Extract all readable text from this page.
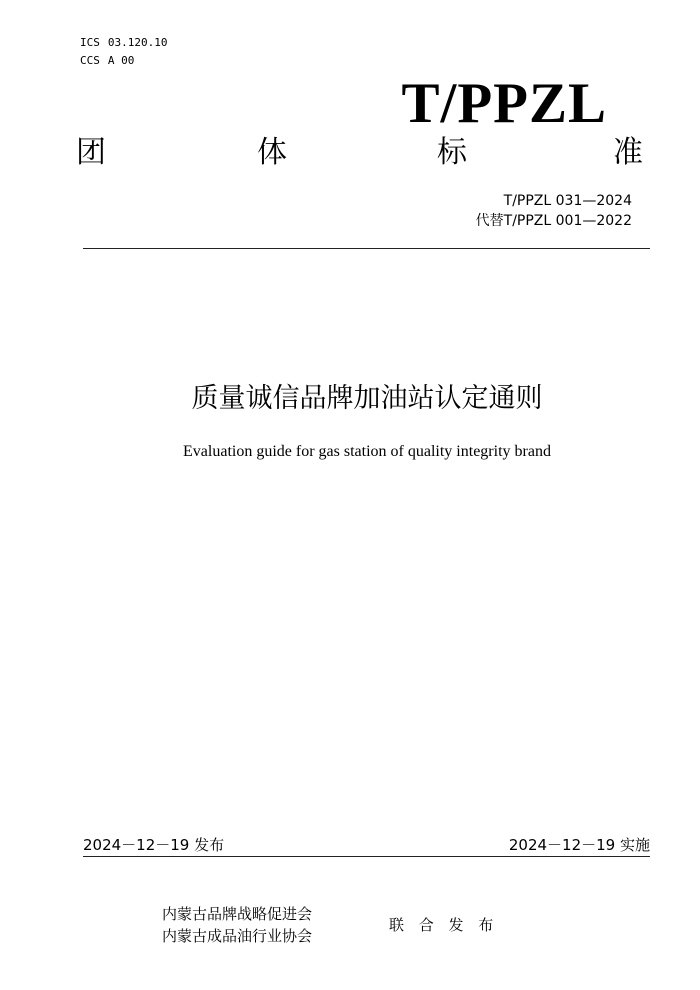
ICS 03.120.10
CCS A 00
T/PPZL
团	体	标	准
T/PPZL 031—2024
代替T/PPZL 001—2022
质量诚信品牌加油站认定通则
Evaluation guide for gas station of quality integrity brand
2024－12－19 发布	2024－12－19 实施
内蒙古品牌战略促进会
内蒙古成品油行业协会
联 合 发 布
